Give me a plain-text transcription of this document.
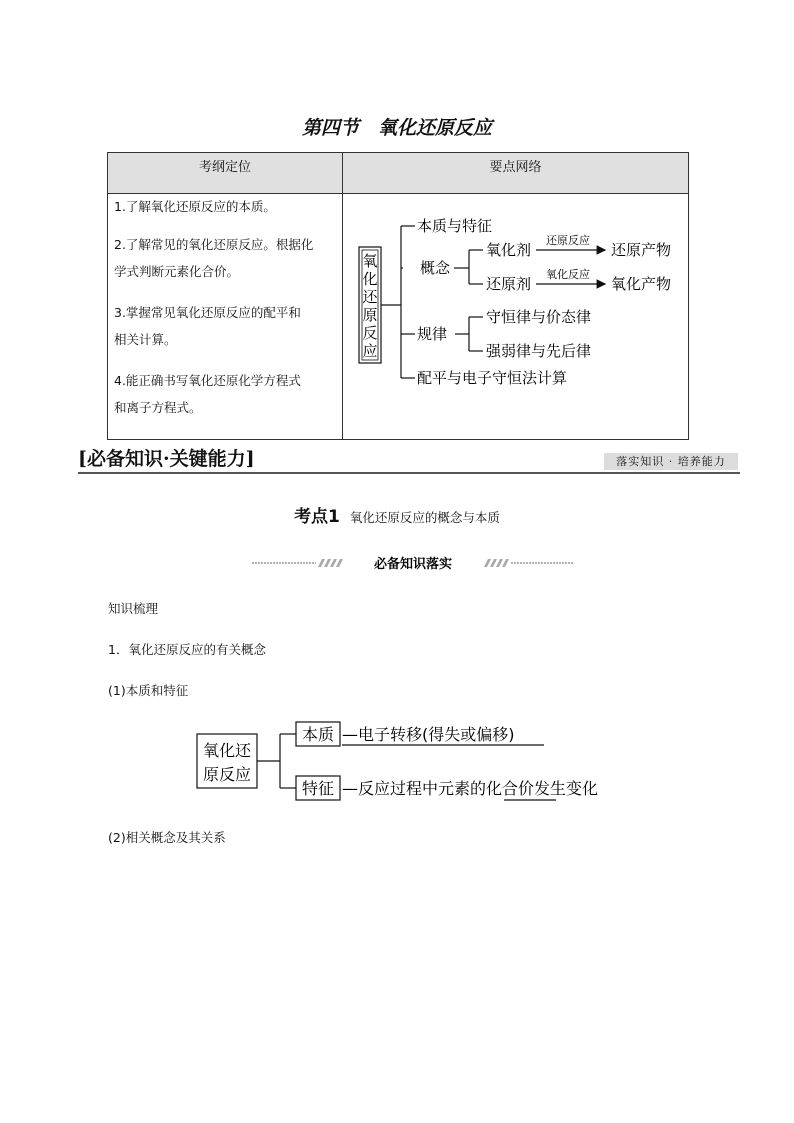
第四节　氧化还原反应
考纲定位	要点网络
1.了解氧化还原反应的本质。
2.了解常见的氧化还原反应。根据化
学式判断元素化合价。
3.掌握常见氧化还原反应的配平和
相关计算。
4.能正确书写氧化还原化学方程式
和离子方程式。
氧
化
还
原
反
应
本质与特征
概念
氧化剂
还原反应
还原产物
还原剂
氧化反应
氧化产物
规律
守恒律与价态律
强弱律与先后律
配平与电子守恒法计算
[必备知识·关键能力]	落实知识 · 培养能力
考点1 氧化还原反应的概念与本质
必备知识落实
知识梳理
1．氧化还原反应的有关概念
(1)本质和特征
氧化还
原反应
本质 —电子转移(得失或偏移)
特征 —反应过程中元素的化合价发生变化
(2)相关概念及其关系
